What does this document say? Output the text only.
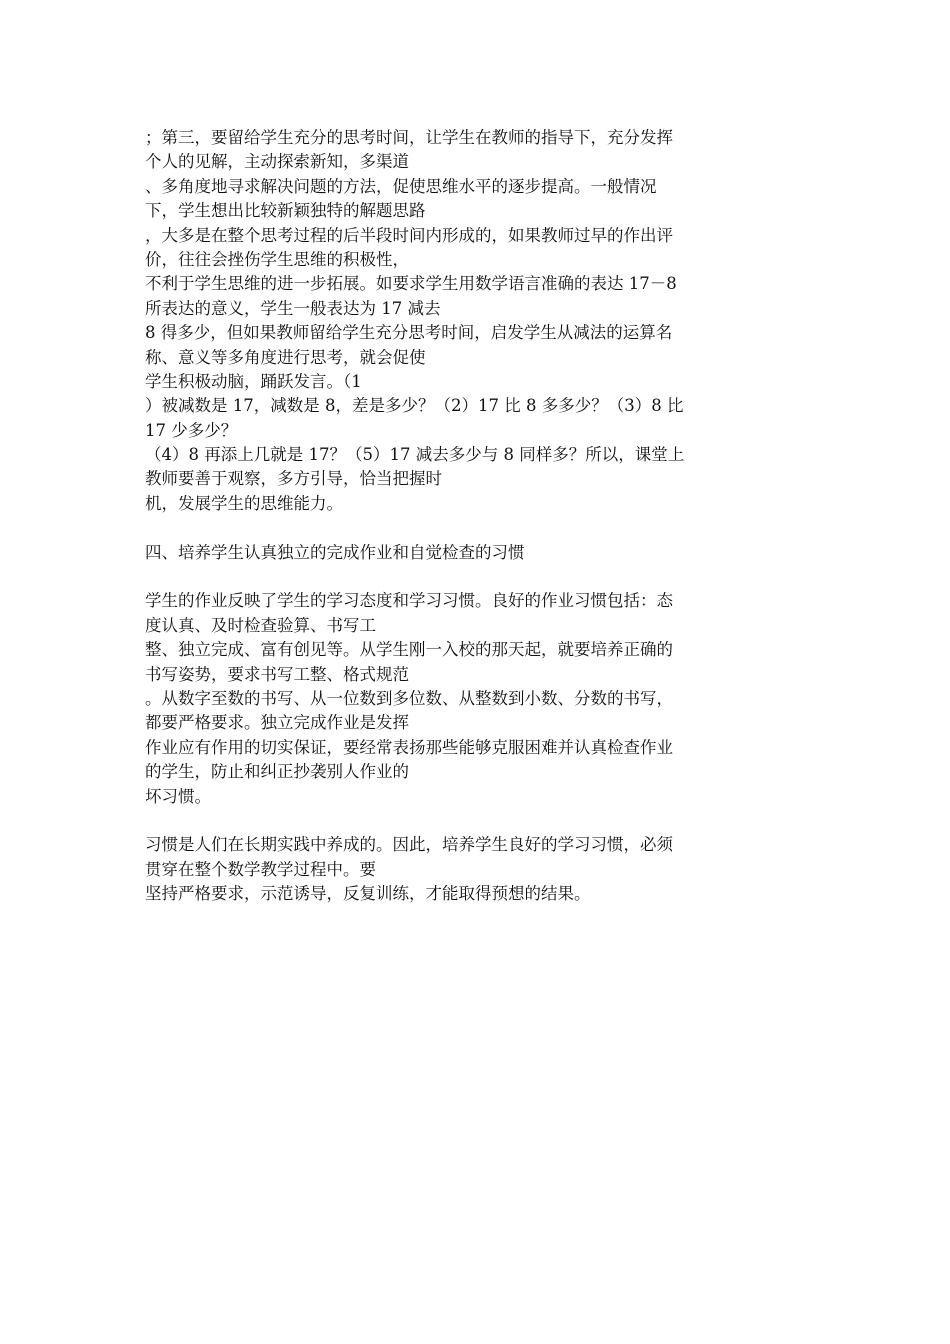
；第三，要留给学生充分的思考时间，让学生在教师的指导下，充分发挥
个人的见解，主动探索新知，多渠道
、多角度地寻求解决问题的方法，促使思维水平的逐步提高。一般情况
下，学生想出比较新颖独特的解题思路
，大多是在整个思考过程的后半段时间内形成的，如果教师过早的作出评
价，往往会挫伤学生思维的积极性，
不利于学生思维的进一步拓展。如要求学生用数学语言准确的表达 17－8
所表达的意义，学生一般表达为 17 减去
8 得多少，但如果教师留给学生充分思考时间，启发学生从减法的运算名
称、意义等多角度进行思考，就会促使
学生积极动脑，踊跃发言。（1
）被减数是 17，减数是 8，差是多少？（2）17 比 8 多多少？（3）8 比
17 少多少？
（4）8 再添上几就是 17？（5）17 减去多少与 8 同样多？所以，课堂上
教师要善于观察，多方引导，恰当把握时
机，发展学生的思维能力。
四、培养学生认真独立的完成作业和自觉检查的习惯
学生的作业反映了学生的学习态度和学习习惯。良好的作业习惯包括：态
度认真、及时检查验算、书写工
整、独立完成、富有创见等。从学生刚一入校的那天起，就要培养正确的
书写姿势，要求书写工整、格式规范
。从数字至数的书写、从一位数到多位数、从整数到小数、分数的书写，
都要严格要求。独立完成作业是发挥
作业应有作用的切实保证，要经常表扬那些能够克服困难并认真检查作业
的学生，防止和纠正抄袭别人作业的
坏习惯。
习惯是人们在长期实践中养成的。因此，培养学生良好的学习习惯，必须
贯穿在整个数学教学过程中。要
坚持严格要求，示范诱导，反复训练，才能取得预想的结果。
